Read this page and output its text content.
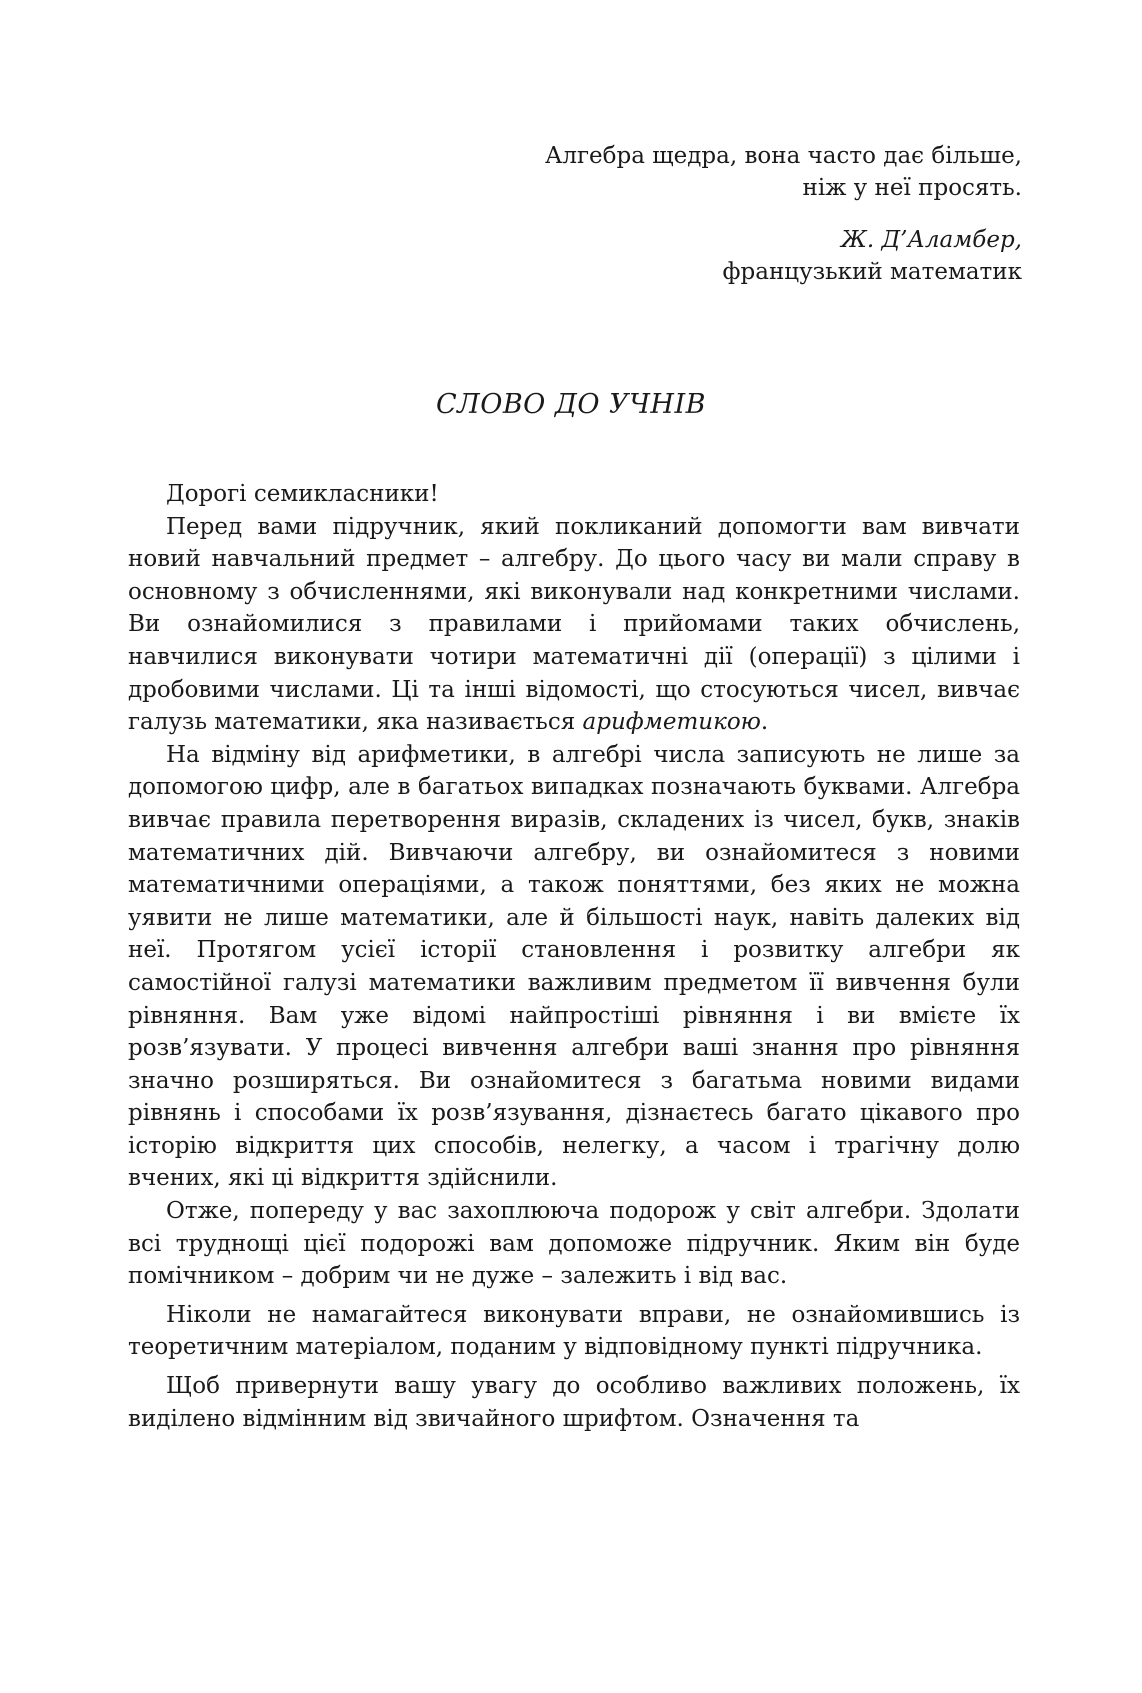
Алгебра щедра, вона часто дає більше,
ніж у неї просять.
Ж. Д’Аламбер,
французький математик
СЛОВО ДО УЧНІВ

Дорогі семикласники!

Перед вами підручник, який покликаний допомогти вам вивчати новий навчальний предмет – алгебру. До цього часу ви мали справу в основному з обчисленнями, які виконували над конкретними числами. Ви ознайомилися з правилами і прийомами таких обчислень, навчилися виконувати чотири математичні дії (операції) з цілими і дробовими числами. Ці та інші відомості, що стосуються чисел, вивчає галузь математики, яка називається арифметикою.

На відміну від арифметики, в алгебрі числа записують не лише за допомогою цифр, але в багатьох випадках позначають буквами. Алгебра вивчає правила перетворення виразів, складених із чисел, букв, знаків математичних дій. Вивчаючи алгебру, ви ознайомитеся з новими математичними операціями, а також поняттями, без яких не можна уявити не лише математики, але й більшості наук, навіть далеких від неї. Протягом усієї історії становлення і розвитку алгебри як самостійної галузі математики важливим предметом її вивчення були рівняння. Вам уже відомі найпростіші рівняння і ви вмієте їх розв’язувати. У процесі вивчення алгебри ваші знання про рівняння значно розширяться. Ви ознайомитеся з багатьма новими видами рівнянь і способами їх розв’язування, дізнаєтесь багато цікавого про історію відкриття цих способів, нелегку, а часом і трагічну долю вчених, які ці відкриття здійснили.

Отже, попереду у вас захоплююча подорож у світ алгебри. Здолати всі труднощі цієї подорожі вам допоможе підручник. Яким він буде помічником – добрим чи не дуже – залежить і від вас.

Ніколи не намагайтеся виконувати вправи, не ознайомившись із теоретичним матеріалом, поданим у відповідному пункті підручника.

Щоб привернути вашу увагу до особливо важливих положень, їх виділено відмінним від звичайного шрифтом. Означення та
